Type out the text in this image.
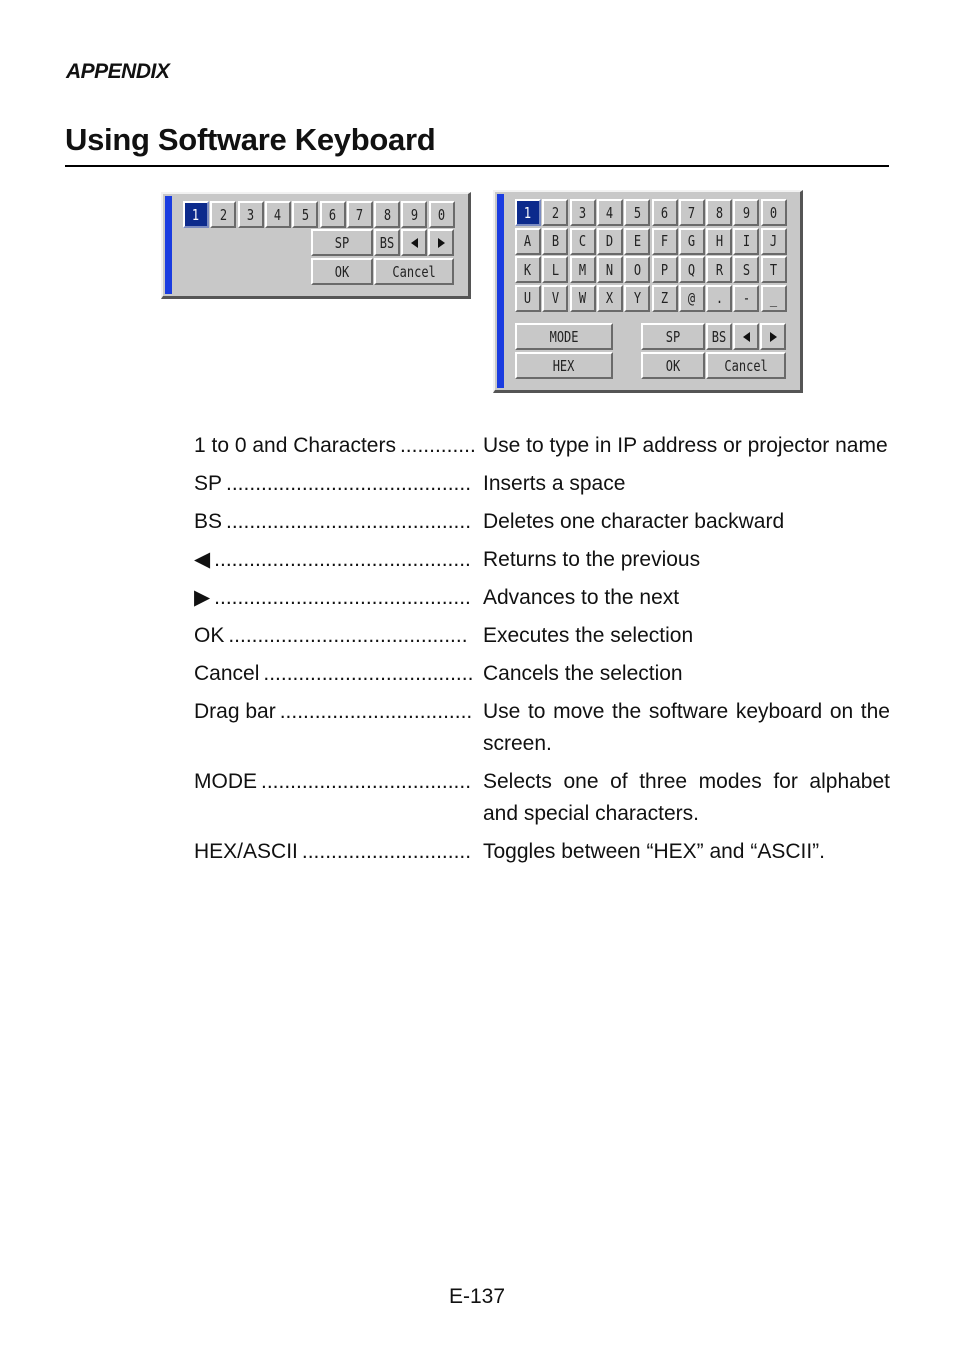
APPENDIX
Using Software Keyboard
1 2 3 4 5 6 7 8 9 0
SP BS
OK	Cancel
1 2 3 4 5 6 7 8 9 0
A B C D E F G H I J
K L M N O P Q R S T
U V W X Y Z @ . - _
MODE
HEX
SP BS
OK	Cancel
1 to 0 and Characters ............. Use to type in IP address or projector name
SP .......................................... Inserts a space
BS .......................................... Deletes one character backward
◀ ............................................ Returns to the previous
▶ ............................................ Advances to the next
OK ......................................... Executes the selection
Cancel .................................... Cancels the selection
Drag bar ................................. Use to move the software keyboard on the screen.
MODE .................................... Selects one of three modes for alphabet and special characters.
HEX/ASCII ............................. Toggles between “HEX” and “ASCII”.
E-137
